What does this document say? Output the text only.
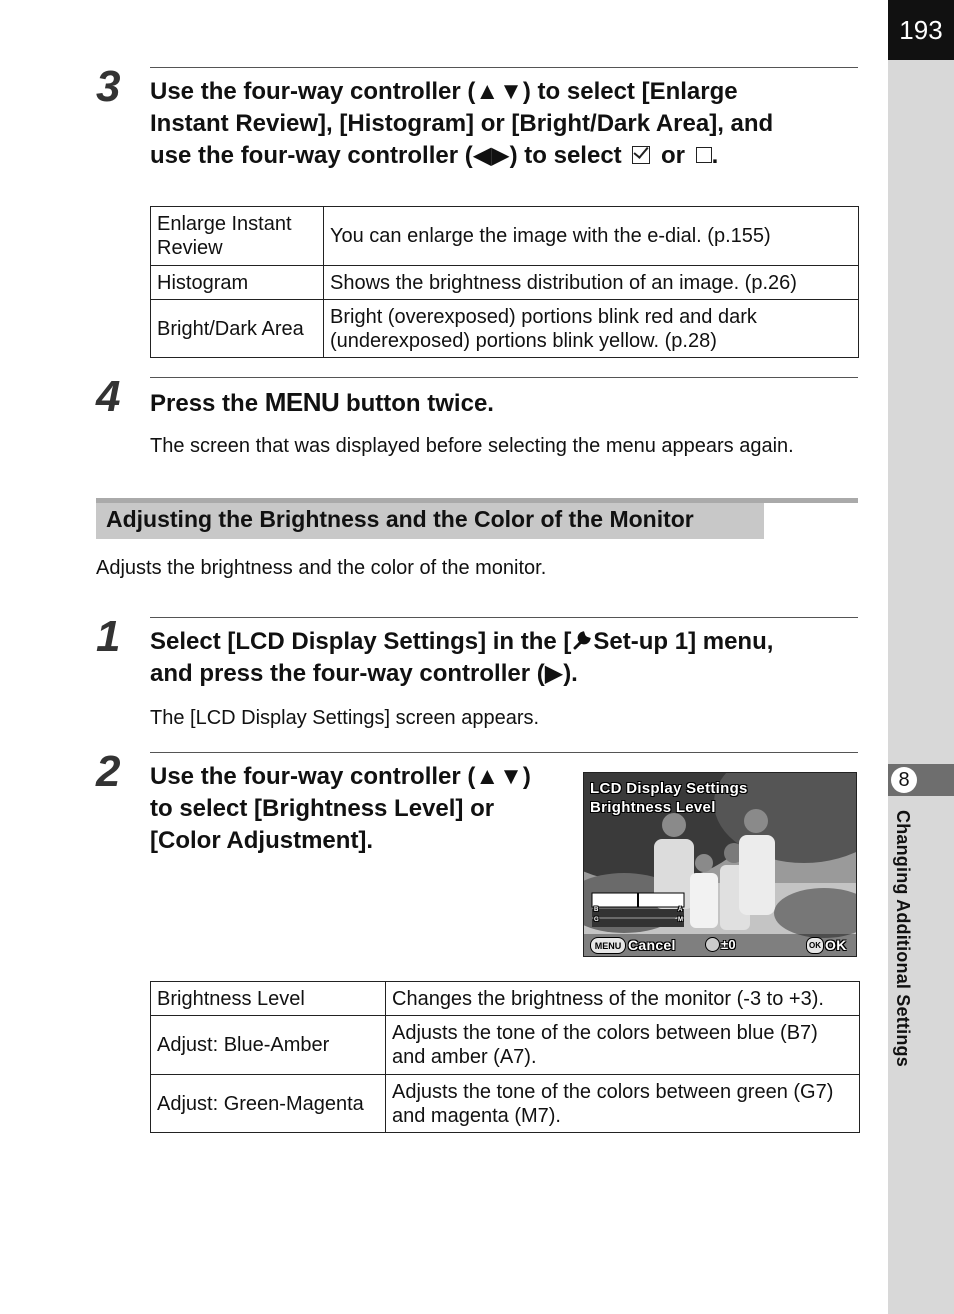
193
8
Changing Additional Settings
3 Use the four-way controller (▲▼) to select [Enlarge
Instant Review], [Histogram] or [Bright/Dark Area], and
use the four-way controller (◀▶) to select or .
Enlarge Instant Review	You can enlarge the image with the e-dial. (p.155)
Histogram	Shows the brightness distribution of an image. (p.26)
Bright/Dark Area	Bright (overexposed) portions blink red and dark (underexposed) portions blink yellow. (p.28)
4 Press the MENU button twice.
The screen that was displayed before selecting the menu appears again.
Adjusting the Brightness and the Color of the Monitor
Adjusts the brightness and the color of the monitor.
1 Select [LCD Display Settings] in the [ Set-up 1] menu,
and press the four-way controller (▶).
The [LCD Display Settings] screen appears.
2 Use the four-way controller (▲▼)
to select [Brightness Level] or
[Color Adjustment].
LCD Display Settings
Brightness Level
B	A
G	M
MENU Cancel	±0	OK OK
Brightness Level	Changes the brightness of the monitor (-3 to +3).
Adjust: Blue-Amber	Adjusts the tone of the colors between blue (B7) and amber (A7).
Adjust: Green-Magenta	Adjusts the tone of the colors between green (G7) and magenta (M7).
